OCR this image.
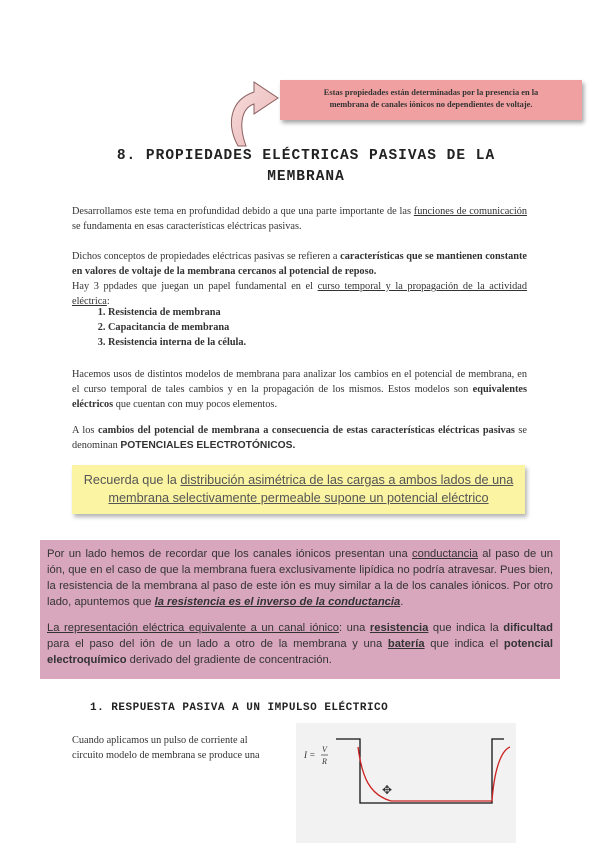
Estas propiedades están determinadas por la presencia en la
membrana de canales iónicos no dependientes de voltaje.
8. PROPIEDADES ELÉCTRICAS PASIVAS DE LA
MEMBRANA

Desarrollamos este tema en profundidad debido a que una parte importante de las funciones de comunicación se fundamenta en esas características eléctricas pasivas.

Dichos conceptos de propiedades eléctricas pasivas se refieren a características que se mantienen constante en valores de voltaje de la membrana cercanos al potencial de reposo.
Hay 3 ppdades que juegan un papel fundamental en el curso temporal y la propagación de la actividad eléctrica:

1. Resistencia de membrana
2. Capacitancia de membrana
3. Resistencia interna de la célula.

Hacemos usos de distintos modelos de membrana para analizar los cambios en el potencial de membrana, en el curso temporal de tales cambios y en la propagación de los mismos. Estos modelos son equivalentes eléctricos que cuentan con muy pocos elementos.

A los cambios del potencial de membrana a consecuencia de estas características eléctricas pasivas se denominan POTENCIALES ELECTROTÓNICOS.

Recuerda que la distribución asimétrica de las cargas a ambos lados de una membrana selectivamente permeable supone un potencial eléctrico

Por un lado hemos de recordar que los canales iónicos presentan una conductancia al paso de un ión, que en el caso de que la membrana fuera exclusivamente lipídica no podría atravesar. Pues bien, la resistencia de la membrana al paso de este ión es muy similar a la de los canales iónicos. Por otro lado, apuntemos que la resistencia es el inverso de la conductancia.

La representación eléctrica equivalente a un canal iónico: una resistencia que indica la dificultad para el paso del ión de un lado a otro de la membrana y una batería que indica el potencial electroquímico derivado del gradiente de concentración.

1. RESPUESTA PASIVA A UN IMPULSO ELÉCTRICO

Cuando aplicamos un pulso de corriente al
circuito modelo de membrana se produce una	I =
V
R
✥
